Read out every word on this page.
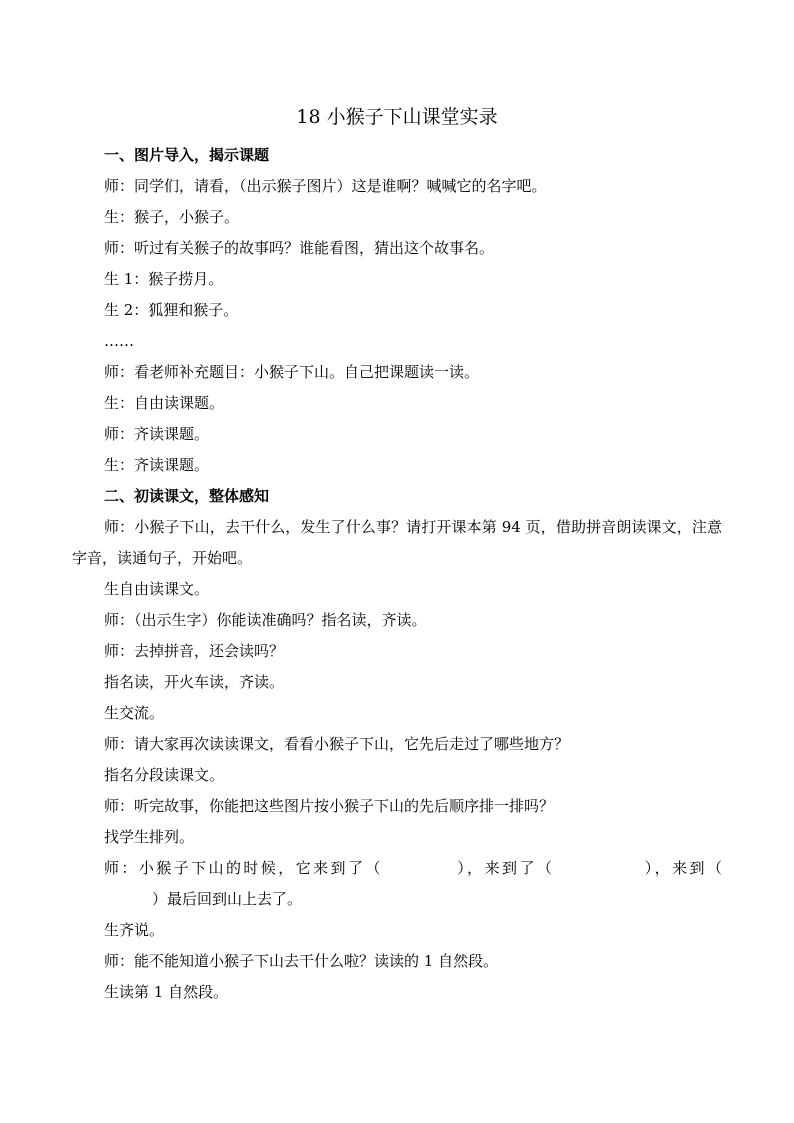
18 小猴子下山课堂实录

一、图片导入，揭示课题

师：同学们，请看，（出示猴子图片）这是谁啊？喊喊它的名字吧。

生：猴子，小猴子。

师：听过有关猴子的故事吗？谁能看图，猜出这个故事名。

生 1：猴子捞月。

生 2：狐狸和猴子。

……

师：看老师补充题目：小猴子下山。自己把课题读一读。

生：自由读课题。

师：齐读课题。

生：齐读课题。

二、初读课文，整体感知

师：小猴子下山，去干什么，发生了什么事？请打开课本第 94 页，借助拼音朗读课文，注意字音，读通句子，开始吧。

生自由读课文。

师：（出示生字）你能读准确吗？指名读，齐读。

师：去掉拼音，还会读吗？

指名读，开火车读，齐读。

生交流。

师：请大家再次读读课文，看看小猴子下山，它先后走过了哪些地方？

指名分段读课文。

师：听完故事，你能把这些图片按小猴子下山的先后顺序排一排吗？

找学生排列。

师：小猴子下山的时候，它来到了（	），来到了（	），来到（）最后回到山上去了。

生齐说。

师：能不能知道小猴子下山去干什么啦？读读的 1 自然段。

生读第 1 自然段。
